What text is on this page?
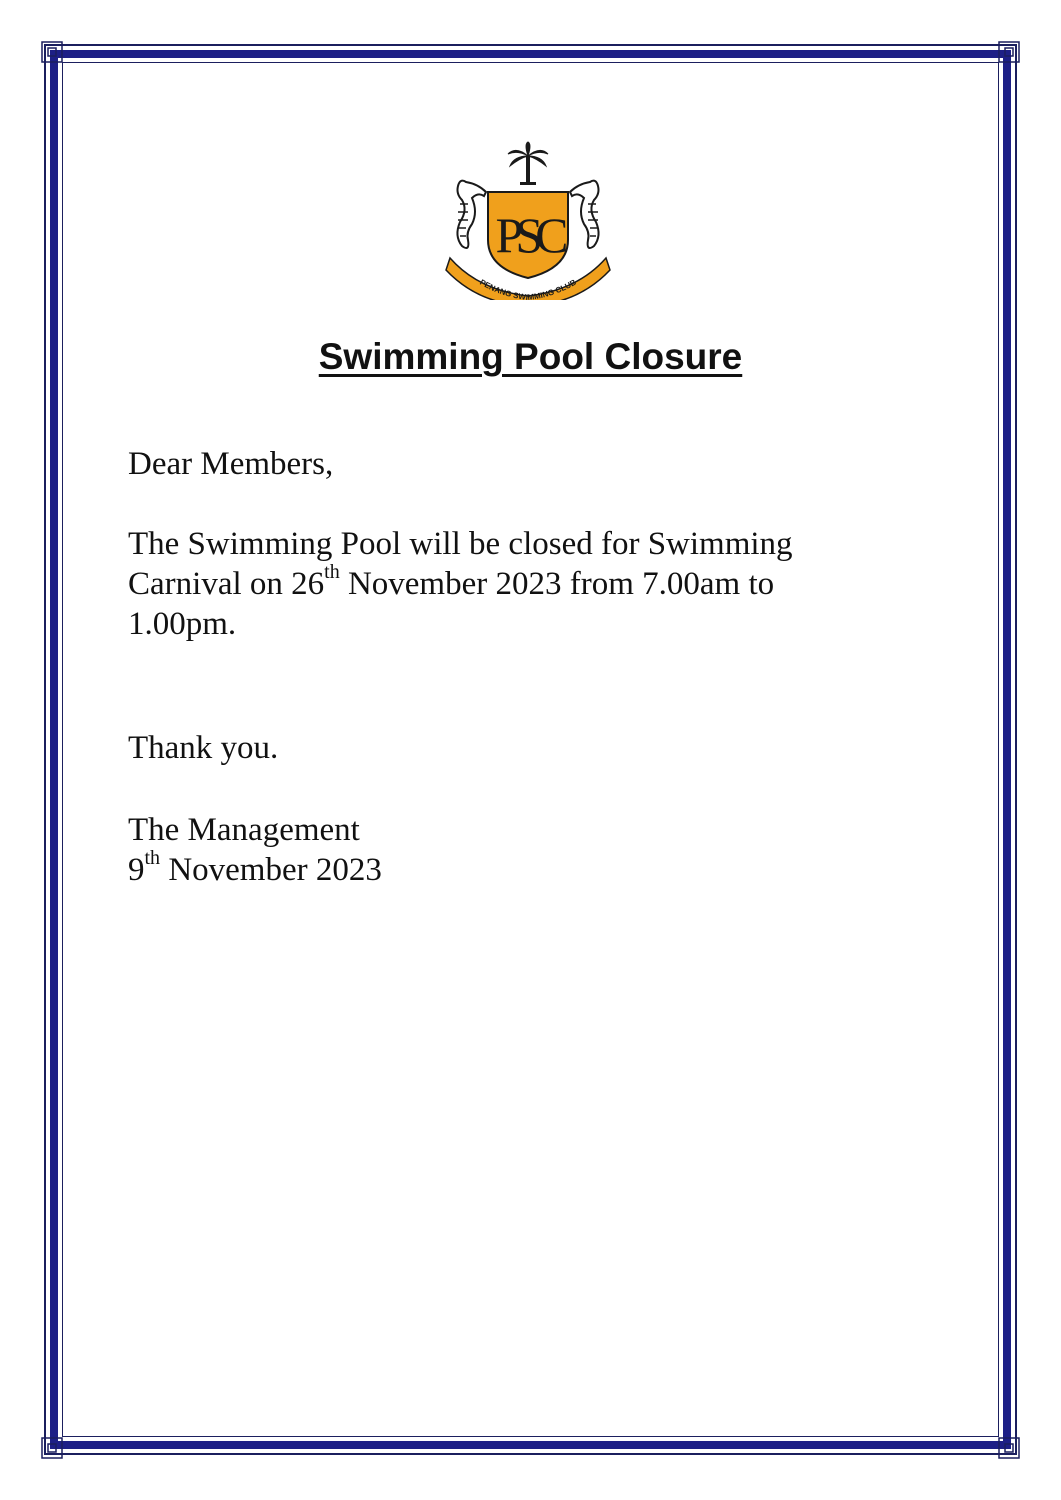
PSC
PENANG SWIMMING CLUB
Swimming Pool Closure
Dear Members,
The Swimming Pool will be closed for Swimming
Carnival on 26th November 2023 from 7.00am to
1.00pm.
Thank you.
The Management
9th November 2023
